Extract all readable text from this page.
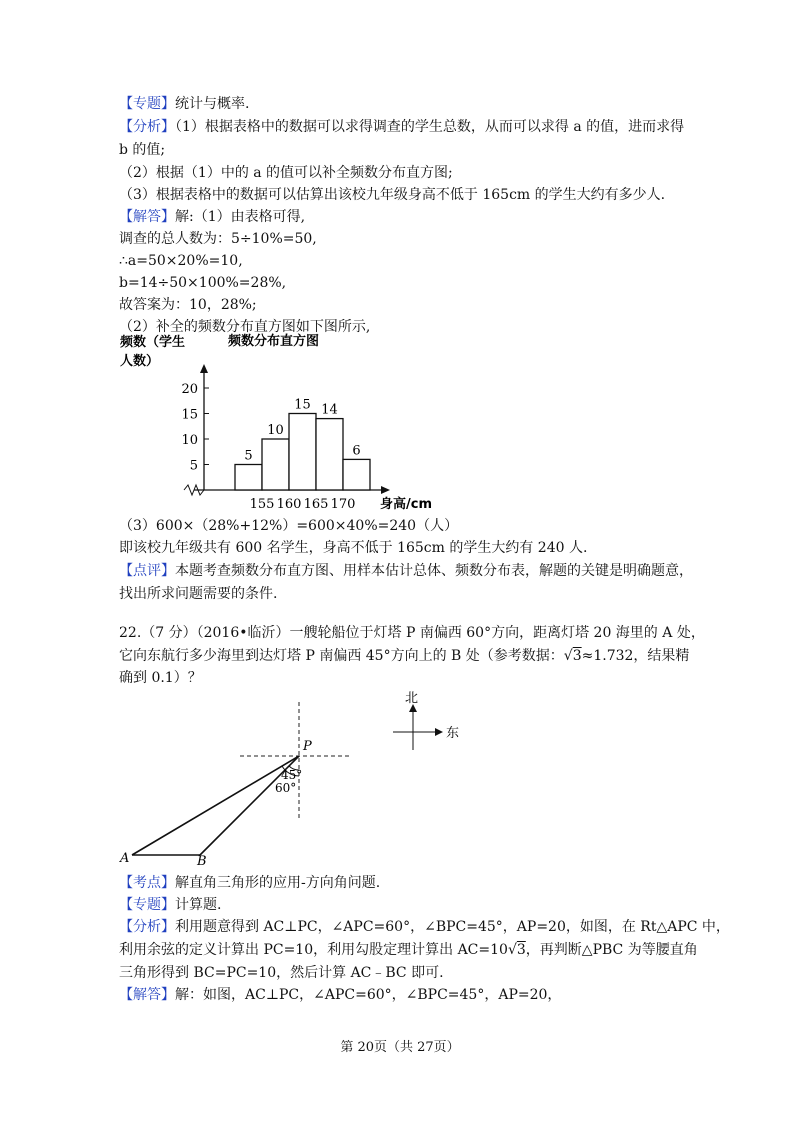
【专题】统计与概率.
【分析】（1）根据表格中的数据可以求得调查的学生总数，从而可以求得 a 的值，进而求得
b 的值;
（2）根据（1）中的 a 的值可以补全频数分布直方图;
（3）根据表格中的数据可以估算出该校九年级身高不低于 165cm 的学生大约有多少人.
【解答】解:（1）由表格可得,
调查的总人数为：5÷10%=50,
∴a=50×20%=10,
b=14÷50×100%=28%,
故答案为：10，28%;
（2）补全的频数分布直方图如下图所示,
频数（学生
人数）
频数分布直方图
5
10
15 14
6
5
10
15
20
155 160 165 170 身高/cm
（3）600×（28%+12%）=600×40%=240（人）
即该校九年级共有 600 名学生，身高不低于 165cm 的学生大约有 240 人.
【点评】本题考查频数分布直方图、用样本估计总体、频数分布表，解题的关键是明确题意，
找出所求问题需要的条件.
22.（7 分）（2016•临沂）一艘轮船位于灯塔 P 南偏西 60°方向，距离灯塔 20 海里的 A 处，
它向东航行多少海里到达灯塔 P 南偏西 45°方向上的 B 处（参考数据：√3≈1.732，结果精
确到 0.1）？
P
45°
60°
A	B
北
东
【考点】解直角三角形的应用-方向角问题.
【专题】计算题.
【分析】利用题意得到 AC⊥PC，∠APC=60°，∠BPC=45°，AP=20，如图，在 Rt△APC 中，
利用余弦的定义计算出 PC=10，利用勾股定理计算出 AC=10√3，再判断△PBC 为等腰直角
三角形得到 BC=PC=10，然后计算 AC﹣BC 即可.
【解答】解：如图，AC⊥PC，∠APC=60°，∠BPC=45°，AP=20，
第 20页（共 27页）
